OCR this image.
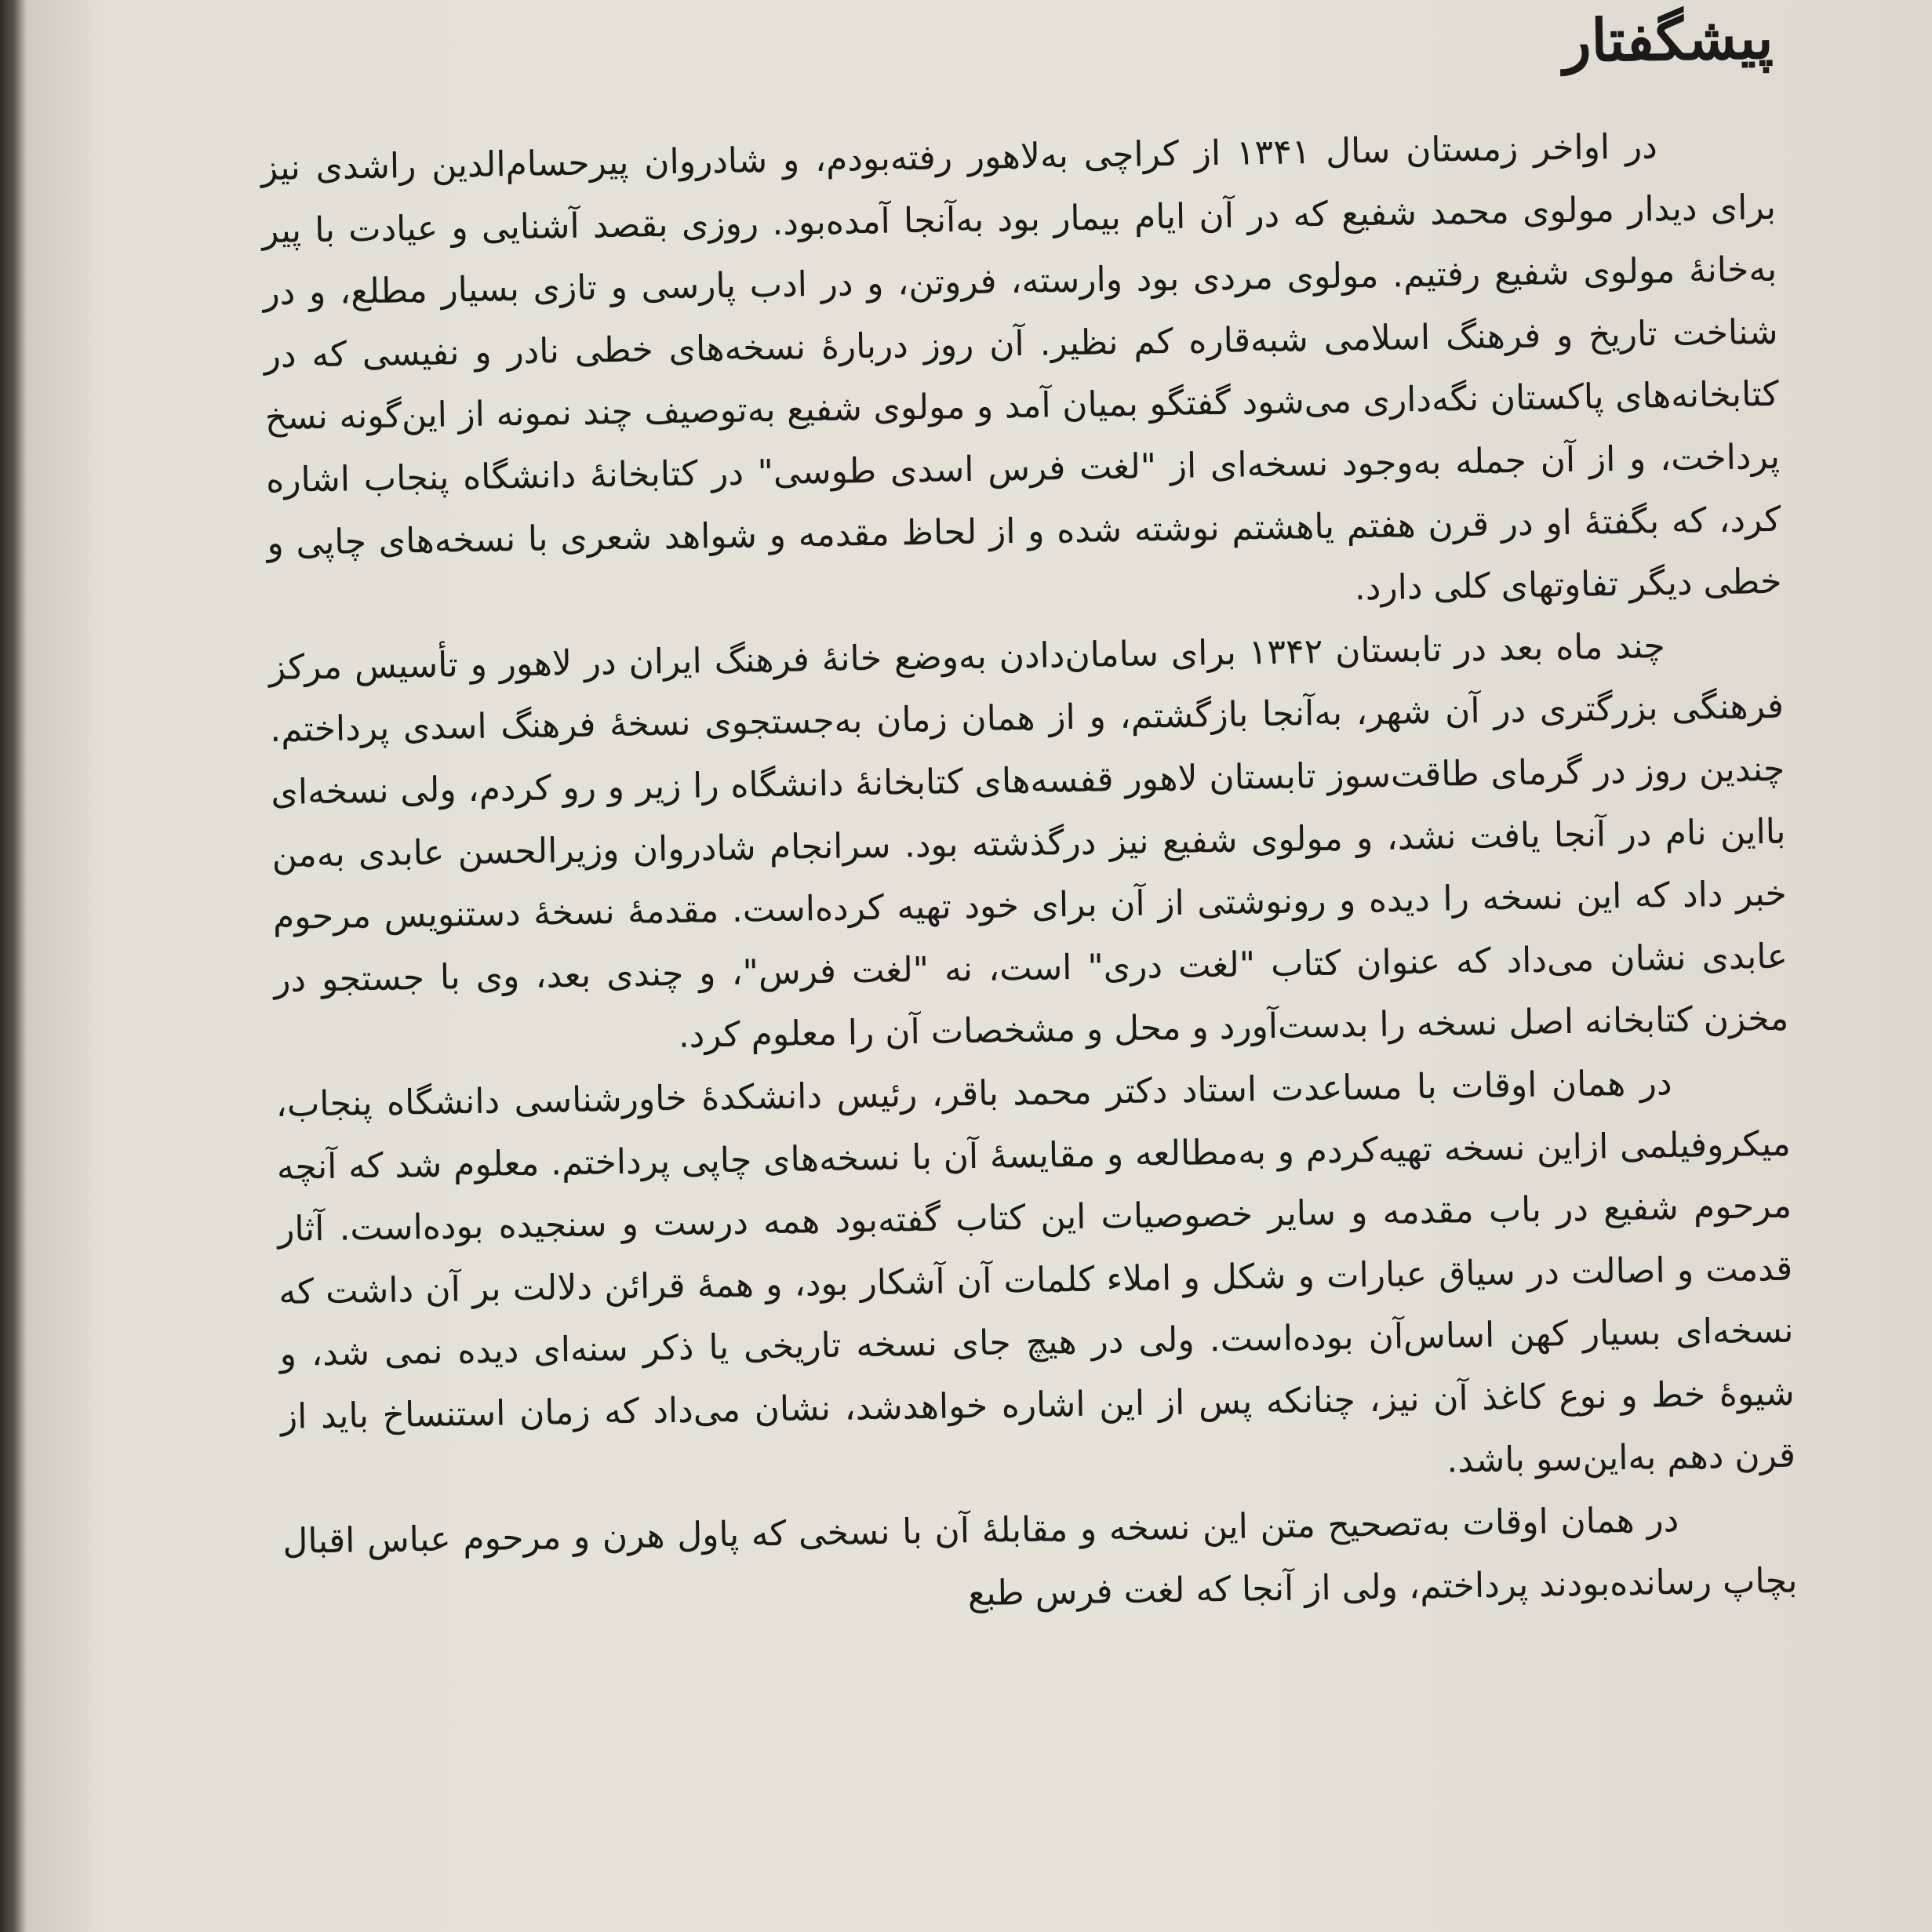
پیشگفتار

در اواخر زمستان سال ۱۳۴۱ از کراچی به‌لاهور رفته‌بودم، و شادروان پیرحسام‌الدین راشدی نیز برای دیدار مولوی محمد شفیع که در آن ایام بیمار بود به‌آنجا آمده‌بود. روزی بقصد آشنایی و عیادت با پیر به‌خانهٔ مولوی شفیع رفتیم. مولوی مردی بود وارسته، فروتن، و در ادب پارسی و تازی بسیار مطلع، و در شناخت تاریخ و فرهنگ اسلامی شبه‌قاره کم نظیر. آن روز دربارهٔ نسخه‌های خطی نادر و نفیسی که در کتابخانه‌های پاکستان نگه‌داری می‌شود گفتگو بمیان آمد و مولوی شفیع به‌توصیف چند نمونه از این‌گونه نسخ پرداخت، و از آن جمله به‌وجود نسخه‌ای از "لغت فرس اسدی طوسی" در کتابخانهٔ دانشگاه پنجاب اشاره کرد، که بگفتهٔ او در قرن هفتم یاهشتم نوشته شده و از لحاظ مقدمه و شواهد شعری با نسخه‌های چاپی و خطی دیگر تفاوتهای کلی دارد.

چند ماه بعد در تابستان ۱۳۴۲ برای سامان‌دادن به‌وضع خانهٔ فرهنگ ایران در لاهور و تأسیس مرکز فرهنگی بزرگتری در آن شهر، به‌آنجا بازگشتم، و از همان زمان به‌جستجوی نسخهٔ فرهنگ اسدی پرداختم. چندین روز در گرمای طاقت‌سوز تابستان لاهور قفسه‌های کتابخانهٔ دانشگاه را زیر و رو کردم، ولی نسخه‌ای بااین نام در آنجا یافت نشد، و مولوی شفیع نیز درگذشته بود. سرانجام شادروان وزیرالحسن عابدی به‌من خبر داد که این نسخه را دیده و رونوشتی از آن برای خود تهیه کرده‌است. مقدمهٔ نسخهٔ دستنویس مرحوم عابدی نشان می‌داد که عنوان کتاب "لغت دری" است، نه "لغت فرس"، و چندی بعد، وی با جستجو در مخزن کتابخانه اصل نسخه را بدست‌آورد و محل و مشخصات آن را معلوم کرد.

در همان اوقات با مساعدت استاد دکتر محمد باقر، رئیس دانشکدهٔ خاورشناسی دانشگاه پنجاب، میکروفیلمی ازاین نسخه تهیه‌کردم و به‌مطالعه و مقایسهٔ آن با نسخه‌های چاپی پرداختم. معلوم شد که آنچه مرحوم شفیع در باب مقدمه و سایر خصوصیات این کتاب گفته‌بود همه درست و سنجیده بوده‌است. آثار قدمت و اصالت در سیاق عبارات و شکل و املاء کلمات آن آشکار بود، و همهٔ قرائن دلالت بر آن داشت که نسخه‌ای بسیار کهن اساس‌آن بوده‌است. ولی در هیچ جای نسخه تاریخی یا ذکر سنه‌ای دیده نمی شد، و شیوهٔ خط و نوع کاغذ آن نیز، چنانکه پس از این اشاره خواهدشد، نشان می‌داد که زمان استنساخ باید از قرن دهم به‌این‌سو باشد.

در همان اوقات به‌تصحیح متن این نسخه و مقابلهٔ آن با نسخی که پاول هرن و مرحوم عباس اقبال بچاپ رسانده‌بودند پرداختم، ولی از آنجا که لغت فرس طبع
